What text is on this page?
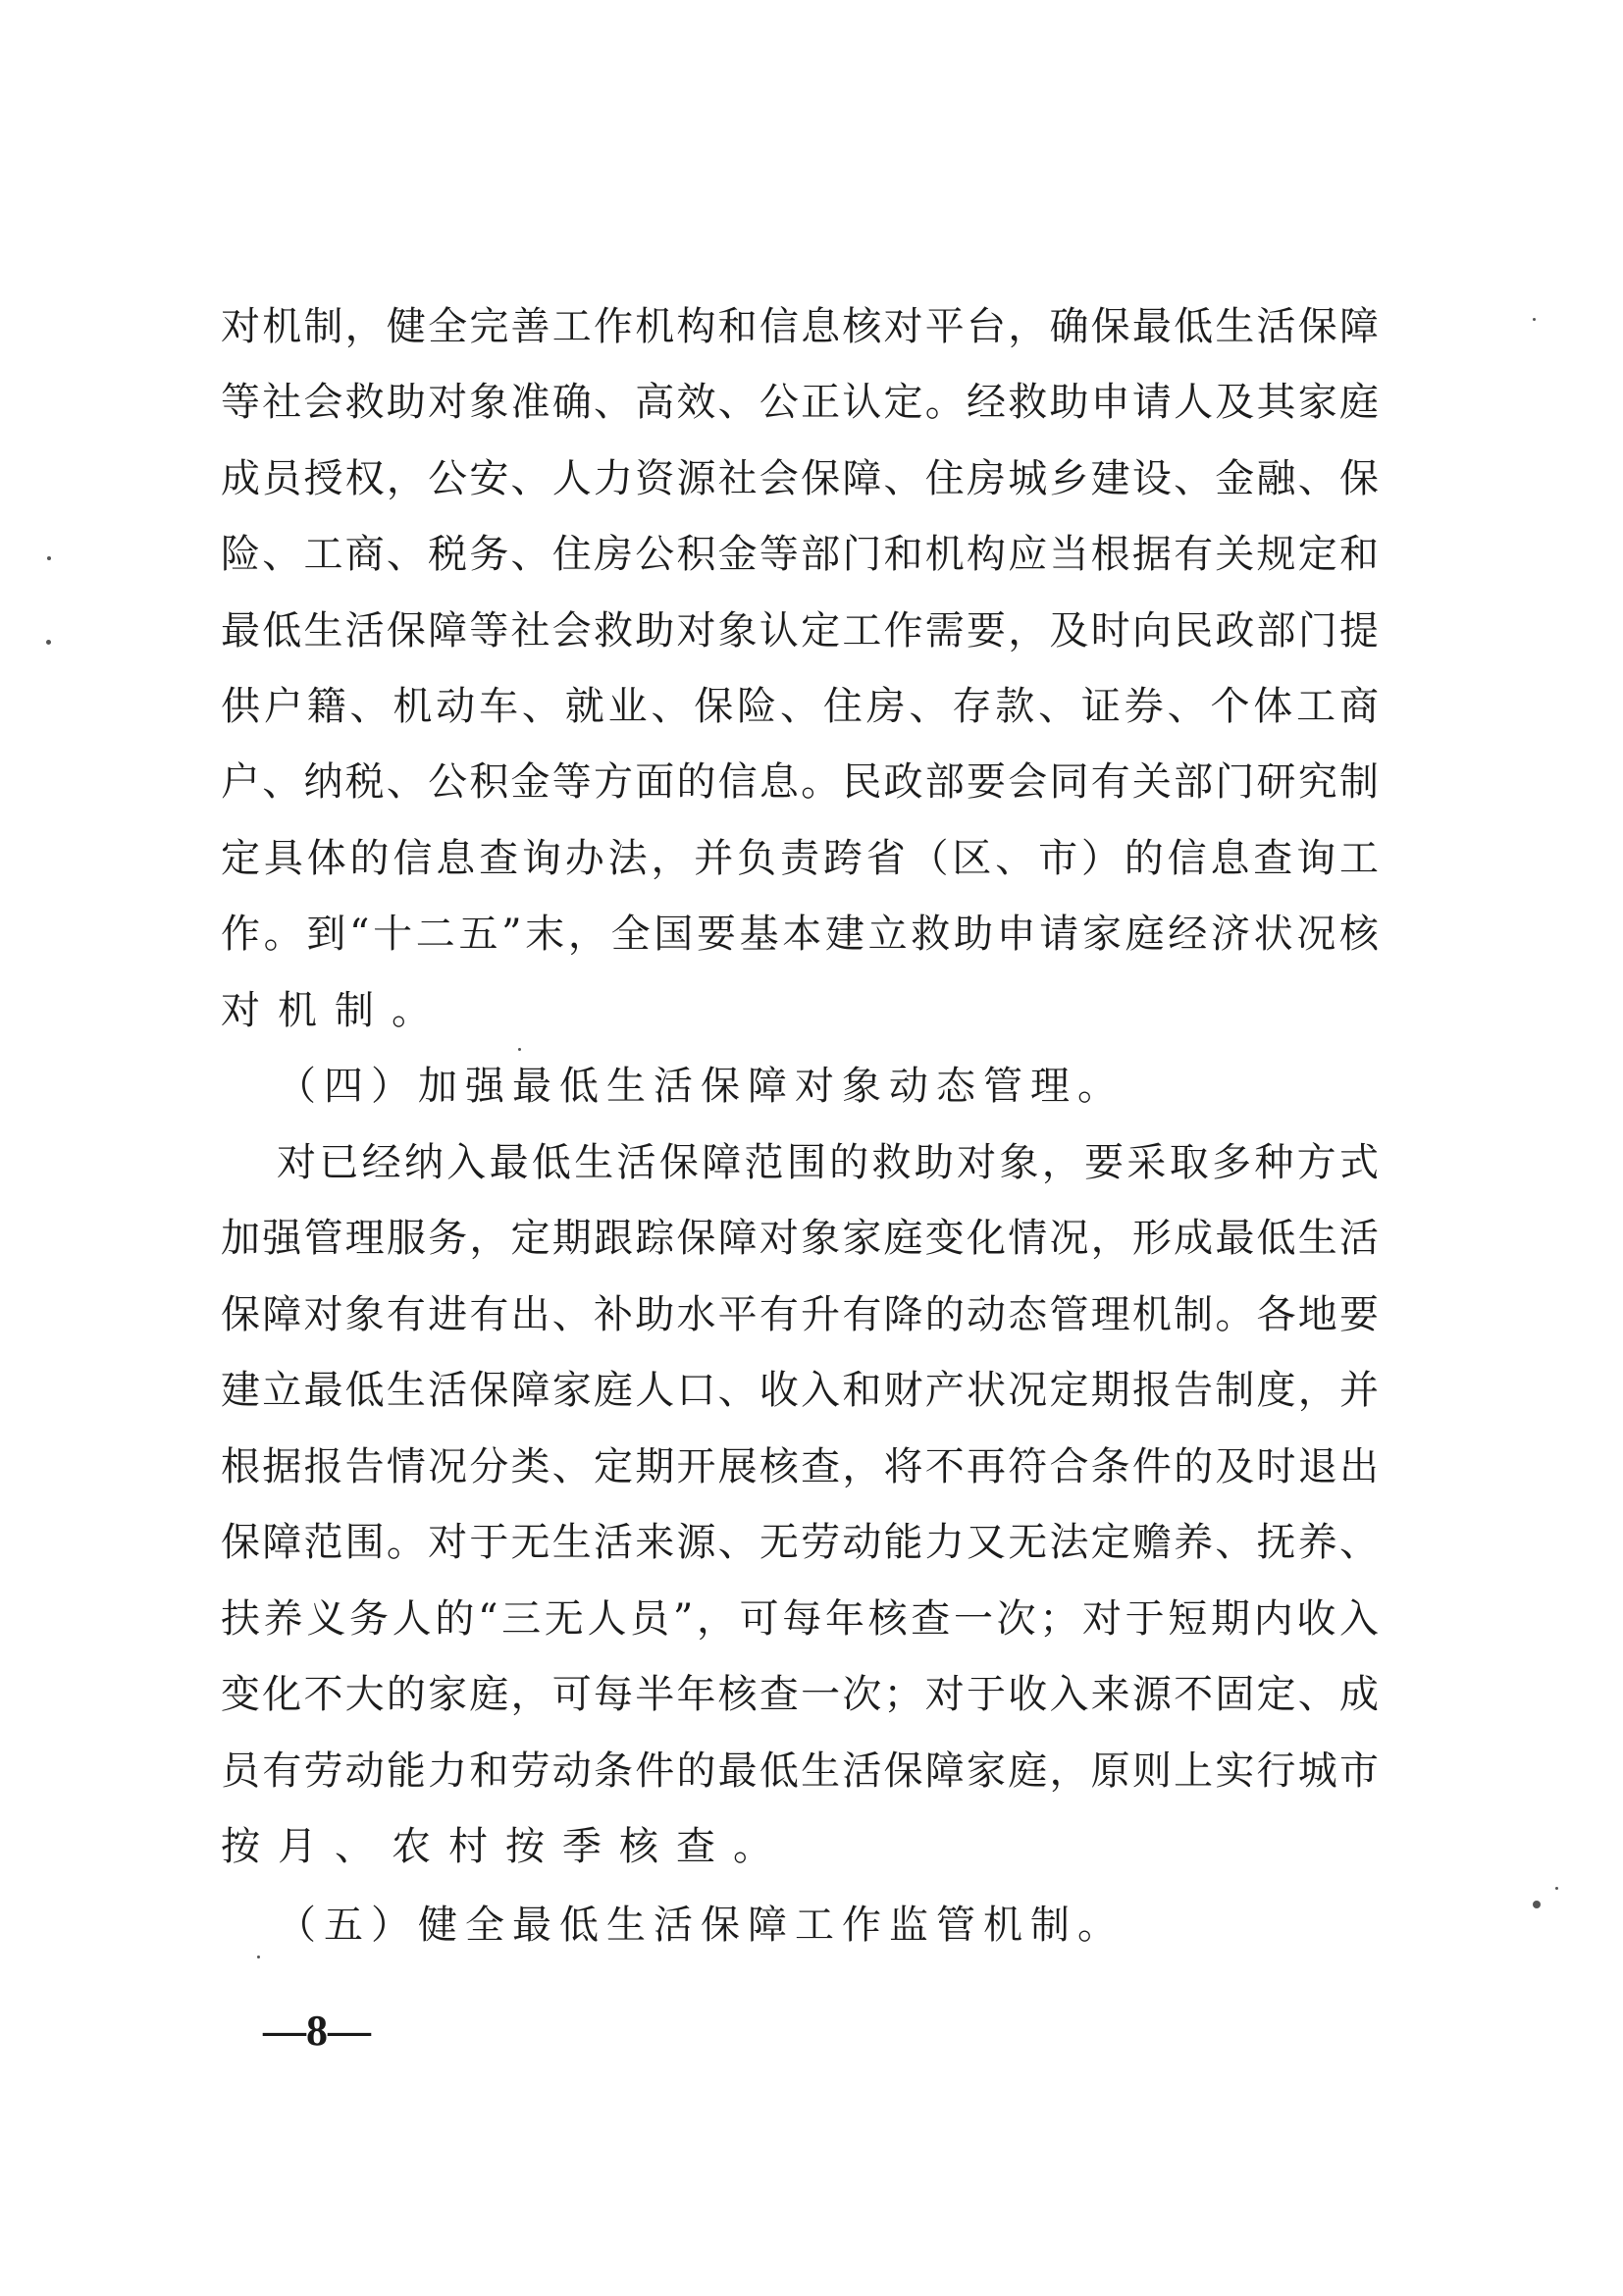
对机制，健全完善工作机构和信息核对平台，确保最低生活保障
等社会救助对象准确、高效、公正认定。经救助申请人及其家庭
成员授权，公安、人力资源社会保障、住房城乡建设、金融、保
险、工商、税务、住房公积金等部门和机构应当根据有关规定和
最低生活保障等社会救助对象认定工作需要，及时向民政部门提
供户籍、机动车、就业、保险、住房、存款、证券、个体工商
户、纳税、公积金等方面的信息。民政部要会同有关部门研究制
定具体的信息查询办法，并负责跨省（区、市）的信息查询工
作。到“十二五”末，全国要基本建立救助申请家庭经济状况核
对机制。
（四）加强最低生活保障对象动态管理。
对已经纳入最低生活保障范围的救助对象，要采取多种方式
加强管理服务，定期跟踪保障对象家庭变化情况，形成最低生活
保障对象有进有出、补助水平有升有降的动态管理机制。各地要
建立最低生活保障家庭人口、收入和财产状况定期报告制度，并
根据报告情况分类、定期开展核查，将不再符合条件的及时退出
保障范围。对于无生活来源、无劳动能力又无法定赡养、抚养、
扶养义务人的“三无人员”，可每年核查一次；对于短期内收入
变化不大的家庭，可每半年核查一次；对于收入来源不固定、成
员有劳动能力和劳动条件的最低生活保障家庭，原则上实行城市
按月、农村按季核查。
（五）健全最低生活保障工作监管机制。
—8—
